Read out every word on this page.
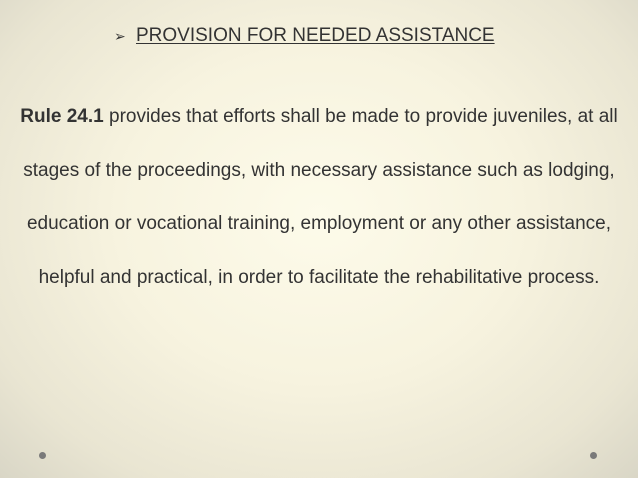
➢ PROVISION FOR NEEDED ASSISTANCE

Rule 24.1 provides that efforts shall be made to provide juveniles, at all stages of the proceedings, with necessary assistance such as lodging, education or vocational training, employment or any other assistance, helpful and practical, in order to facilitate the rehabilitative process.
